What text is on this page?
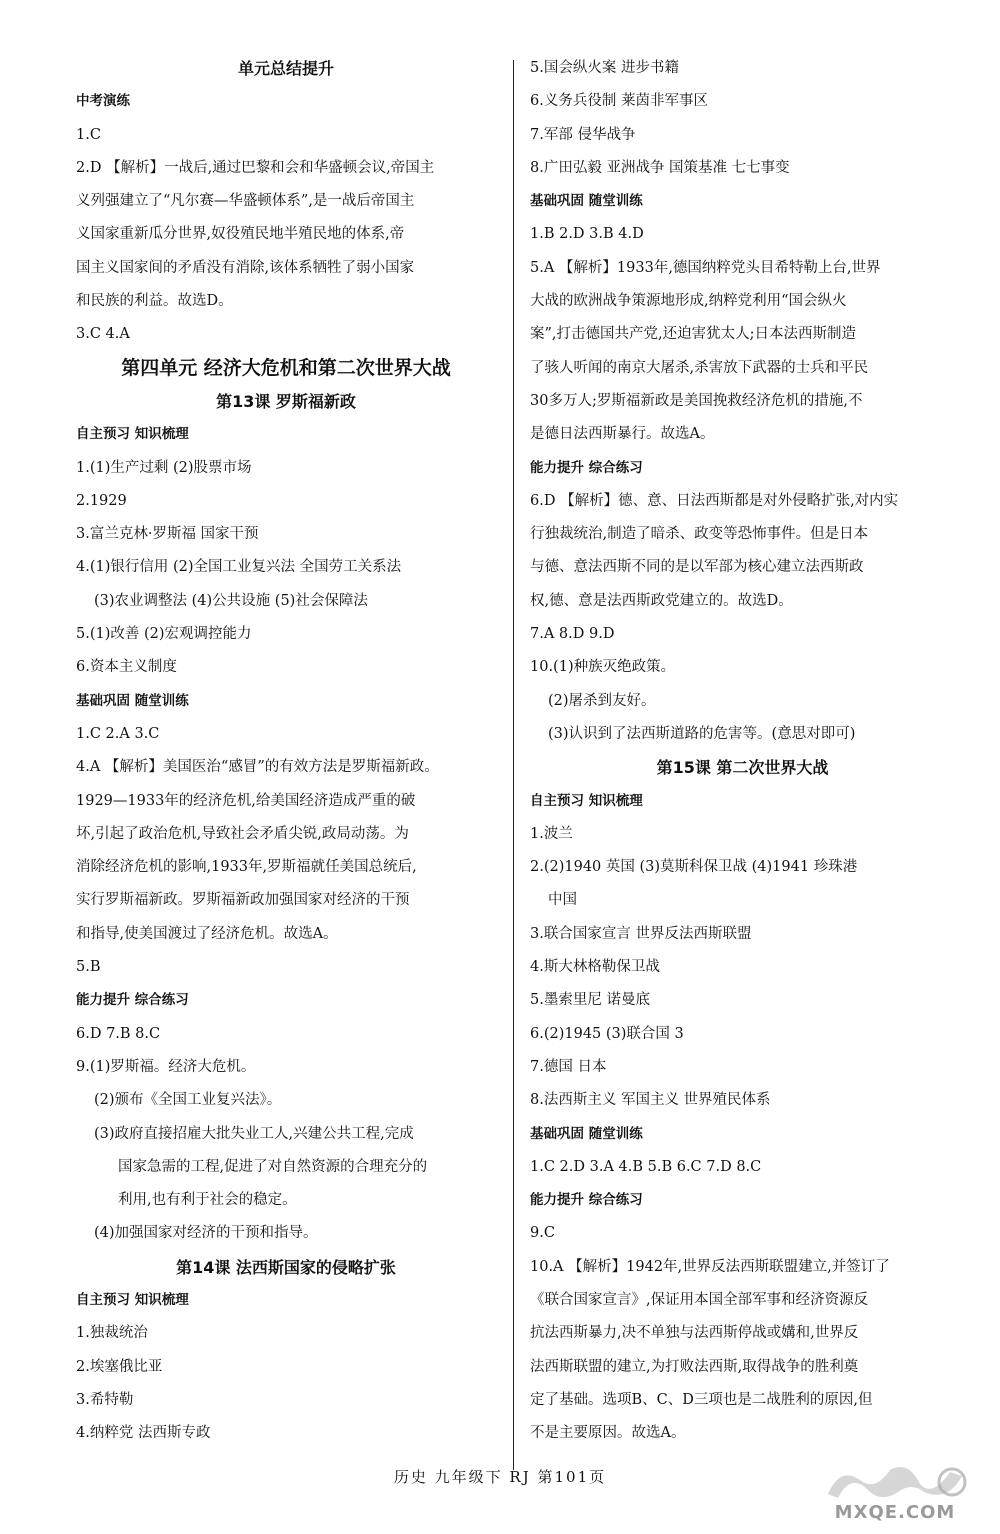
单元总结提升
中考演练
1.C
2.D 【解析】一战后,通过巴黎和会和华盛顿会议,帝国主
义列强建立了“凡尔赛—华盛顿体系”,是一战后帝国主
义国家重新瓜分世界,奴役殖民地半殖民地的体系,帝
国主义国家间的矛盾没有消除,该体系牺牲了弱小国家
和民族的利益。故选D。
3.C 4.A
第四单元 经济大危机和第二次世界大战
第13课 罗斯福新政
自主预习 知识梳理
1.(1)生产过剩 (2)股票市场
2.1929
3.富兰克林·罗斯福 国家干预
4.(1)银行信用 (2)全国工业复兴法 全国劳工关系法
(3)农业调整法 (4)公共设施 (5)社会保障法
5.(1)改善 (2)宏观调控能力
6.资本主义制度
基础巩固 随堂训练
1.C 2.A 3.C
4.A 【解析】美国医治“感冒”的有效方法是罗斯福新政。
1929—1933年的经济危机,给美国经济造成严重的破
坏,引起了政治危机,导致社会矛盾尖锐,政局动荡。为
消除经济危机的影响,1933年,罗斯福就任美国总统后,
实行罗斯福新政。罗斯福新政加强国家对经济的干预
和指导,使美国渡过了经济危机。故选A。
5.B
能力提升 综合练习
6.D 7.B 8.C
9.(1)罗斯福。经济大危机。
(2)颁布《全国工业复兴法》。
(3)政府直接招雇大批失业工人,兴建公共工程,完成
国家急需的工程,促进了对自然资源的合理充分的
利用,也有利于社会的稳定。
(4)加强国家对经济的干预和指导。
第14课 法西斯国家的侵略扩张
自主预习 知识梳理
1.独裁统治
2.埃塞俄比亚
3.希特勒
4.纳粹党 法西斯专政
5.国会纵火案 进步书籍
6.义务兵役制 莱茵非军事区
7.军部 侵华战争
8.广田弘毅 亚洲战争 国策基准 七七事变
基础巩固 随堂训练
1.B 2.D 3.B 4.D
5.A 【解析】1933年,德国纳粹党头目希特勒上台,世界
大战的欧洲战争策源地形成,纳粹党利用“国会纵火
案”,打击德国共产党,还迫害犹太人;日本法西斯制造
了骇人听闻的南京大屠杀,杀害放下武器的士兵和平民
30多万人;罗斯福新政是美国挽救经济危机的措施,不
是德日法西斯暴行。故选A。
能力提升 综合练习
6.D 【解析】德、意、日法西斯都是对外侵略扩张,对内实
行独裁统治,制造了暗杀、政变等恐怖事件。但是日本
与德、意法西斯不同的是以军部为核心建立法西斯政
权,德、意是法西斯政党建立的。故选D。
7.A 8.D 9.D
10.(1)种族灭绝政策。
(2)屠杀到友好。
(3)认识到了法西斯道路的危害等。(意思对即可)
第15课 第二次世界大战
自主预习 知识梳理
1.波兰
2.(2)1940 英国 (3)莫斯科保卫战 (4)1941 珍珠港
中国
3.联合国家宣言 世界反法西斯联盟
4.斯大林格勒保卫战
5.墨索里尼 诺曼底
6.(2)1945 (3)联合国 3
7.德国 日本
8.法西斯主义 军国主义 世界殖民体系
基础巩固 随堂训练
1.C 2.D 3.A 4.B 5.B 6.C 7.D 8.C
能力提升 综合练习
9.C
10.A 【解析】1942年,世界反法西斯联盟建立,并签订了
《联合国家宣言》,保证用本国全部军事和经济资源反
抗法西斯暴力,决不单独与法西斯停战或媾和,世界反
法西斯联盟的建立,为打败法西斯,取得战争的胜利奠
定了基础。选项B、C、D三项也是二战胜利的原因,但
不是主要原因。故选A。
历史 九年级下 RJ 第101页
MXQE.COM
